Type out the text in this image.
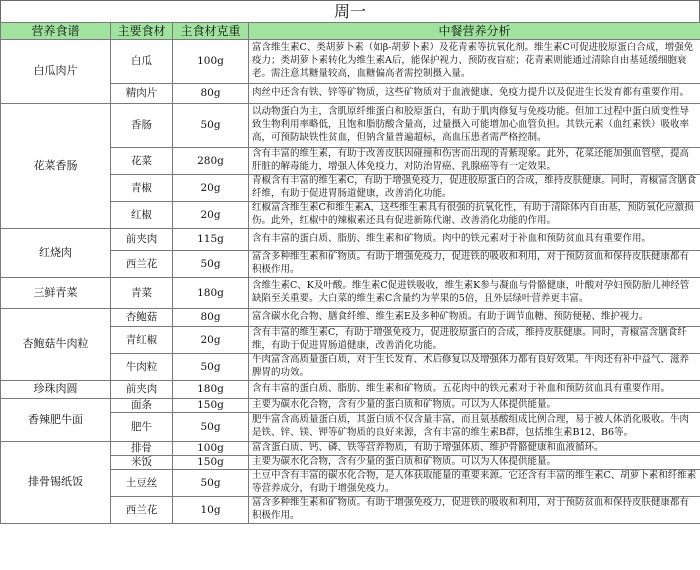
周一
营养食谱	主要食材	主食材克重	中餐营养分析
白瓜肉片	白瓜	100g	富含维生素C、类胡萝卜素（如β-胡萝卜素）及花青素等抗氧化剂。维生素C可促进胶原蛋白合成，增强免疫力；类胡萝卜素转化为维生素A后，能保护视力、预防夜盲症；花青素则能通过清除自由基延缓细胞衰老。需注意其糖量较高，血糖偏高者需控制摄入量。
	精肉片	80g	肉丝中还含有铁、锌等矿物质，这些矿物质对于血液健康、免疫力提升以及促进生长发育都有重要作用。
花菜香肠	香肠	50g	以动物蛋白为主，含肌原纤维蛋白和胶原蛋白，有助于肌肉修复与免疫功能。但加工过程中蛋白质变性导致生物利用率略低，且饱和脂肪酸含量高，过量摄入可能增加心血管负担。其铁元素（血红素铁）吸收率高，可预防缺铁性贫血，但钠含量普遍超标，高血压患者需严格控制。
	花菜	280g	含有丰富的维生素，有助于改善皮肤因碰撞和伤害而出现的青紫现象。此外，花菜还能加强血管壁，提高肝脏的解毒能力，增强人体免疫力，对防治胃癌、乳腺癌等有一定效果。
	青椒	20g	青椒含有丰富的维生素C，有助于增强免疫力，促进胶原蛋白的合成，维持皮肤健康。同时，青椒富含膳食纤维，有助于促进胃肠道健康，改善消化功能。
	红椒	20g	红椒富含维生素C和维生素A，这些维生素具有很强的抗氧化性，有助于清除体内自由基，预防氧化应激损伤。此外，红椒中的辣椒素还具有促进新陈代谢、改善消化功能的作用。
红烧肉	前夹肉	115g	含有丰富的蛋白质、脂肪、维生素和矿物质。肉中的铁元素对于补血和预防贫血具有重要作用。
	西兰花	50g	富含多种维生素和矿物质。有助于增强免疫力，促进铁的吸收和利用，对于预防贫血和保持皮肤健康都有积极作用。
三鲜青菜	青菜	180g	含维生素C、K及叶酸。维生素C促进铁吸收，维生素K参与凝血与骨骼健康，叶酸对孕妇预防胎儿神经管缺陷至关重要。大白菜的维生素C含量约为苹果的5倍，且外层绿叶营养更丰富。
杏鲍菇牛肉粒	杏鲍菇	80g	富含碳水化合物、膳食纤维、维生素E及多种矿物质。有助于调节血糖、预防便秘、维护视力。
	青红椒	20g	含有丰富的维生素C，有助于增强免疫力，促进胶原蛋白的合成，维持皮肤健康。同时，青椒富含膳食纤维，有助于促进胃肠道健康，改善消化功能。
	牛肉粒	50g	牛肉富含高质量蛋白质，对于生长发育、术后修复以及增强体力都有良好效果。牛肉还有补中益气、滋养脾胃的功效。
珍珠肉圆	前夹肉	180g	含有丰富的蛋白质、脂肪、维生素和矿物质。五花肉中的铁元素对于补血和预防贫血具有重要作用。
香辣肥牛面	面条	150g	主要为碳水化合物，含有少量的蛋白质和矿物质。可以为人体提供能量。
	肥牛	50g	肥牛富含高质量蛋白质，其蛋白质不仅含量丰富，而且氨基酸组成比例合理，易于被人体消化吸收。牛肉是铁、锌、镁、钾等矿物质的良好来源，含有丰富的维生素B群，包括维生素B12、B6等。
排骨锡纸饭	排骨	100g	富含蛋白质、钙、磷、铁等营养物质，有助于增强体质、维护骨骼健康和血液循环。
	米饭	150g	主要为碳水化合物，含有少量的蛋白质和矿物质。可以为人体提供能量。
	土豆丝	50g	土豆中含有丰富的碳水化合物，是人体获取能量的重要来源。它还含有丰富的维生素C、胡萝卜素和纤维素等营养成分，有助于增强免疫力。
	西兰花	10g	富含多种维生素和矿物质。有助于增强免疫力，促进铁的吸收和利用，对于预防贫血和保持皮肤健康都有积极作用。
